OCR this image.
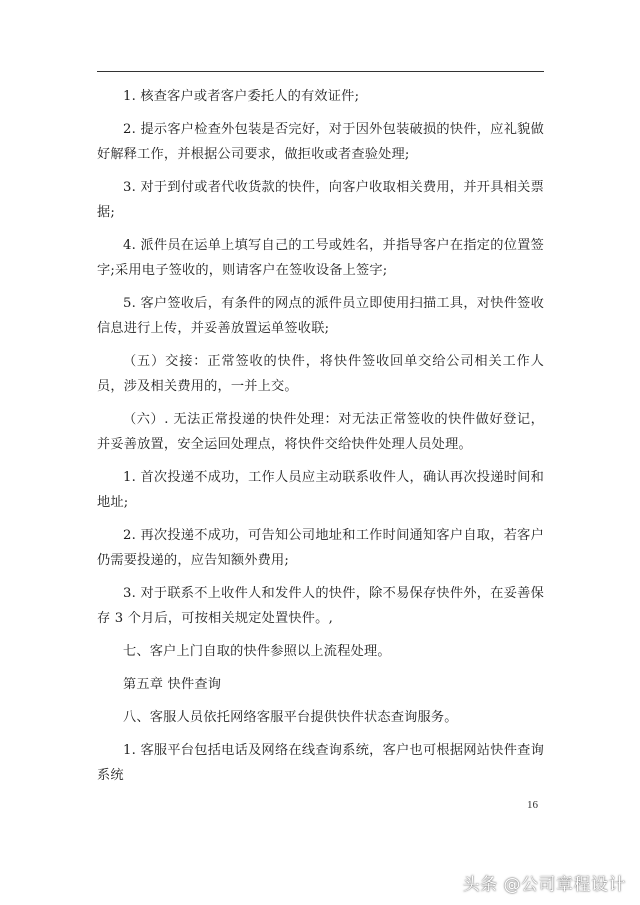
1. 核查客户或者客户委托人的有效证件;

2. 提示客户检查外包装是否完好，对于因外包装破损的快件，应礼貌做好解释工作，并根据公司要求，做拒收或者查验处理;

3. 对于到付或者代收货款的快件，向客户收取相关费用，并开具相关票据;

4. 派件员在运单上填写自己的工号或姓名，并指导客户在指定的位置签字;采用电子签收的，则请客户在签收设备上签字;

5. 客户签收后，有条件的网点的派件员立即使用扫描工具，对快件签收信息进行上传，并妥善放置运单签收联;

（五）交接：正常签收的快件，将快件签收回单交给公司相关工作人员，涉及相关费用的，一并上交。

（六）. 无法正常投递的快件处理：对无法正常签收的快件做好登记，并妥善放置，安全运回处理点，将快件交给快件处理人员处理。

1. 首次投递不成功，工作人员应主动联系收件人，确认再次投递时间和地址;

2. 再次投递不成功，可告知公司地址和工作时间通知客户自取，若客户仍需要投递的，应告知额外费用;

3. 对于联系不上收件人和发件人的快件，除不易保存快件外，在妥善保存 3 个月后，可按相关规定处置快件。,

七、客户上门自取的快件参照以上流程处理。

第五章 快件查询

八、客服人员依托网络客服平台提供快件状态查询服务。

1. 客服平台包括电话及网络在线查询系统，客户也可根据网站快件查询系统

16
头条 @公司章程设计
